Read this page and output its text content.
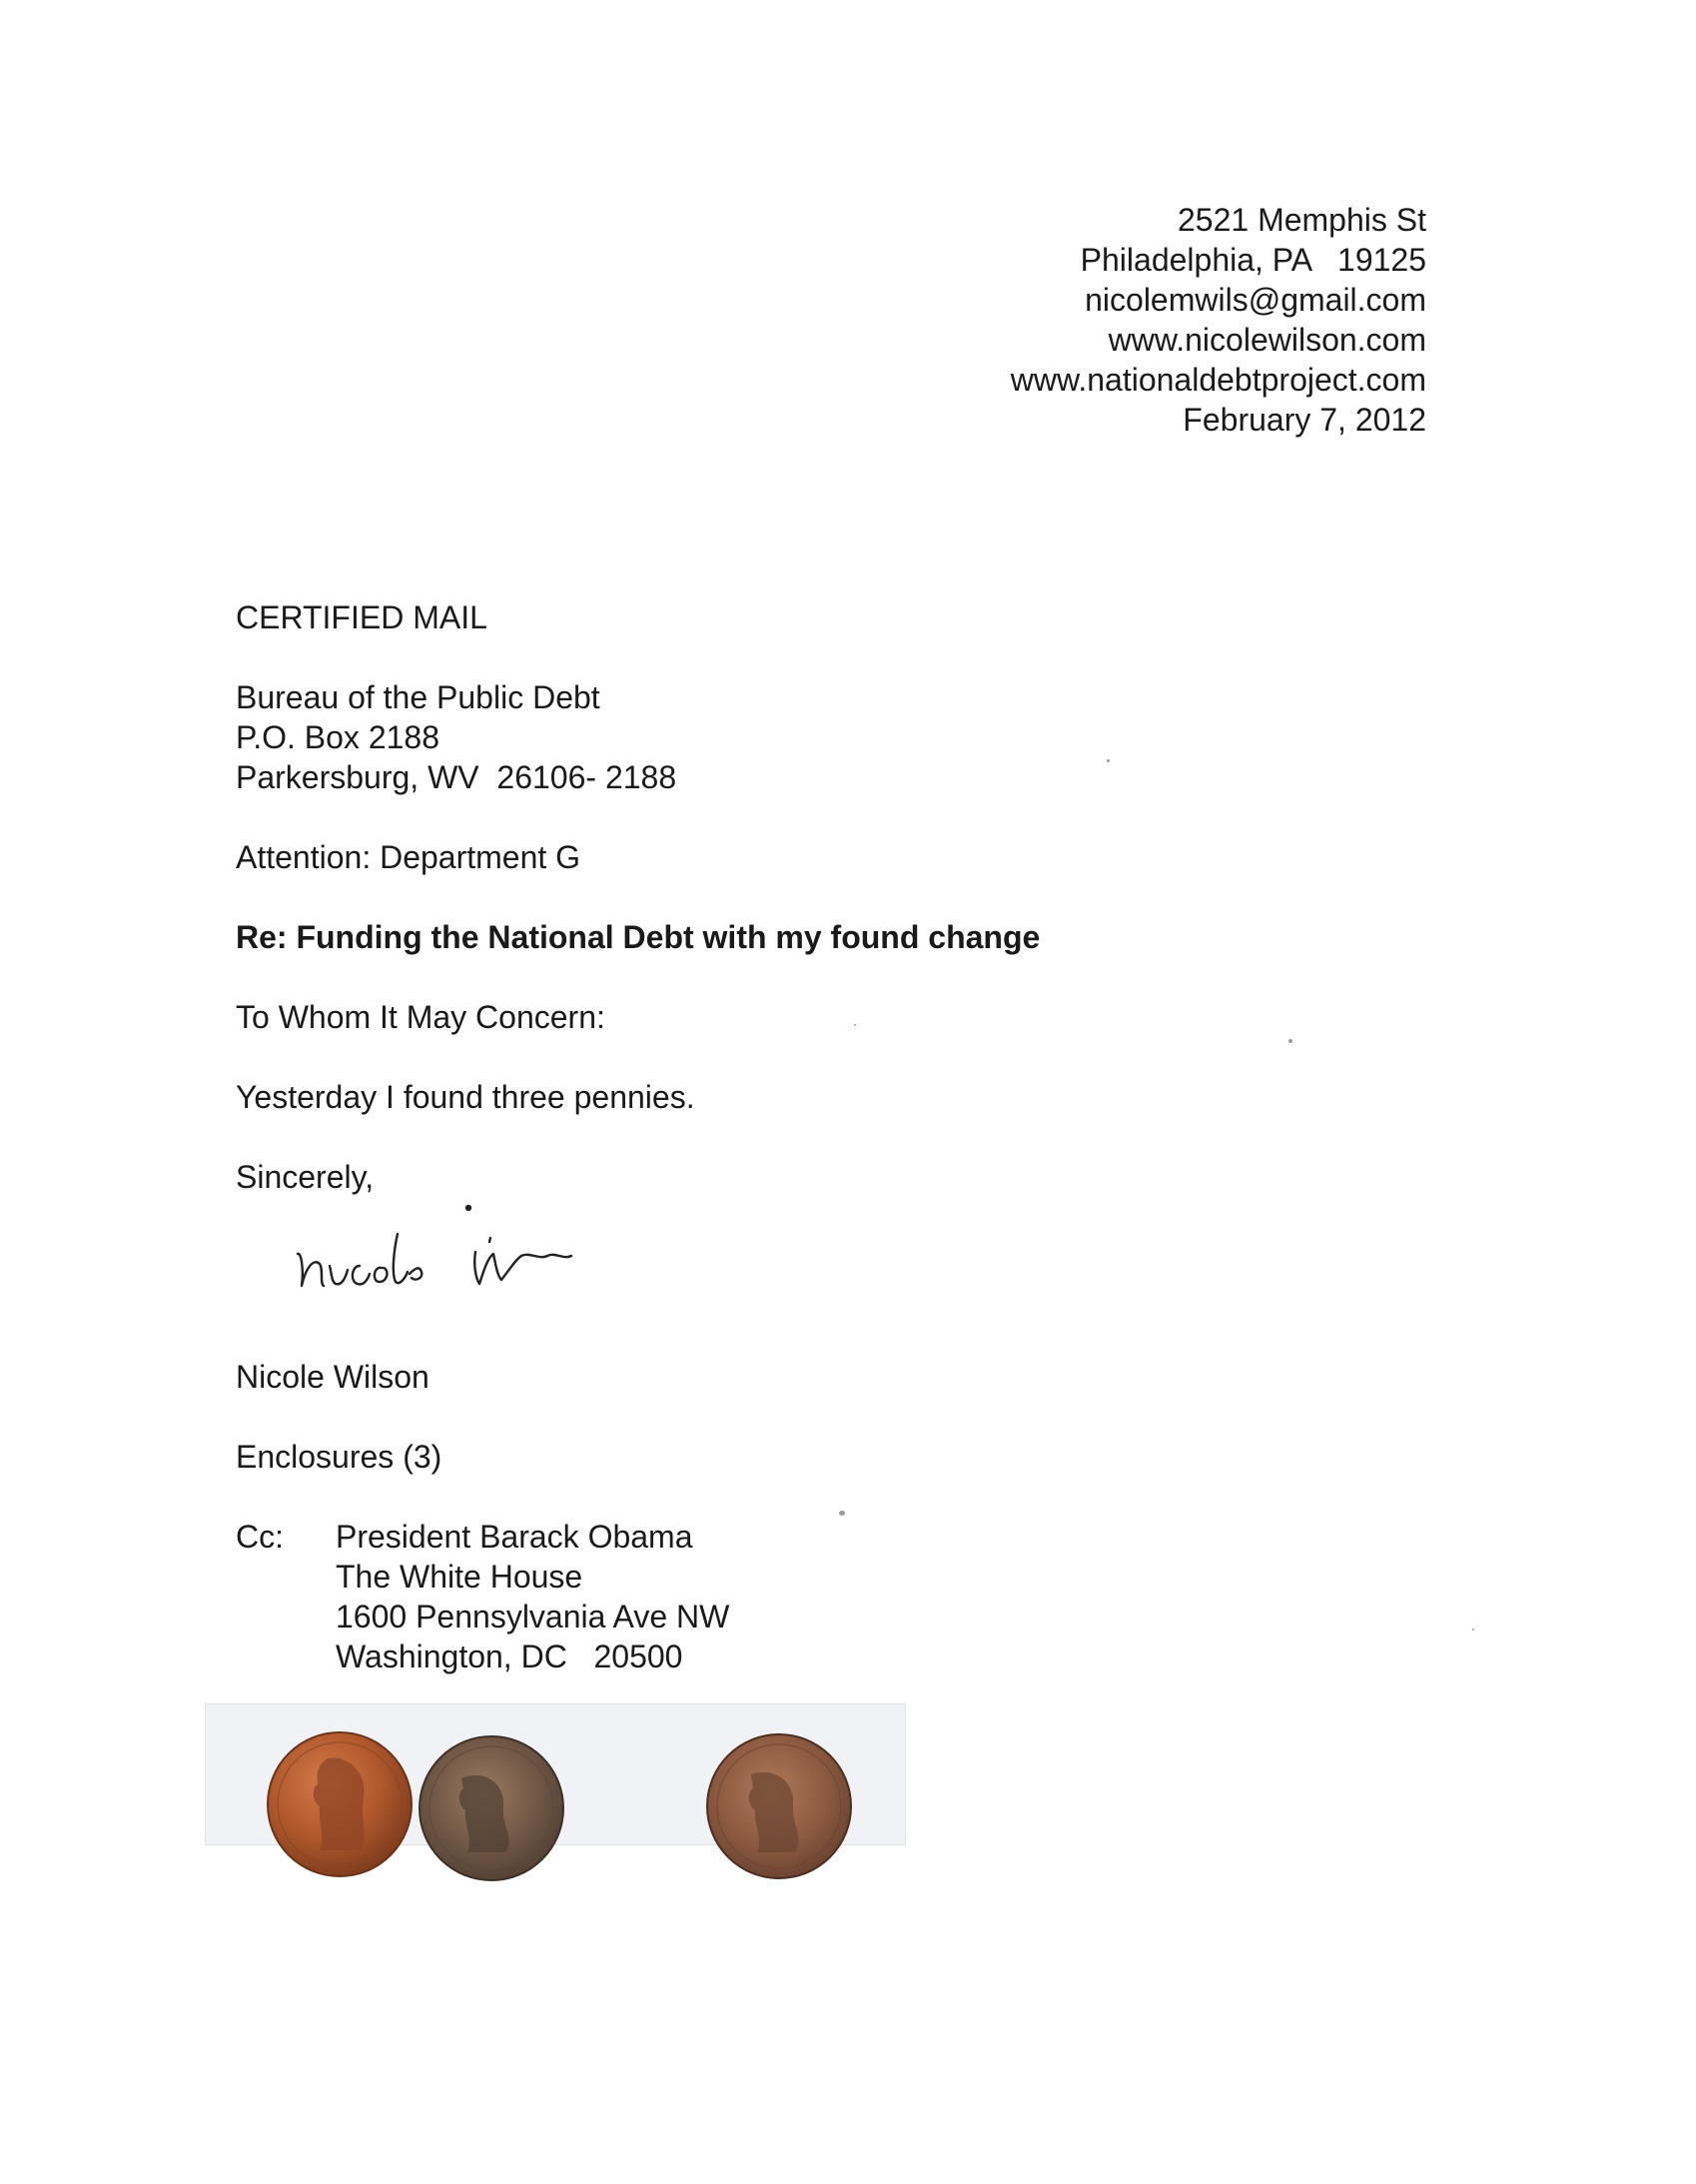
2521 Memphis St
Philadelphia, PA   19125
nicolemwils@gmail.com
www.nicolewilson.com
www.nationaldebtproject.com
February 7, 2012

CERTIFIED MAIL

Bureau of the Public Debt

P.O. Box 2188

Parkersburg, WV  26106- 2188

Attention: Department G

Re: Funding the National Debt with my found change

To Whom It May Concern:

Yesterday I found three pennies.

Sincerely,

Nicole Wilson

Enclosures (3)

Cc: President Barack Obama
The White House
1600 Pennsylvania Ave NW
Washington, DC   20500
